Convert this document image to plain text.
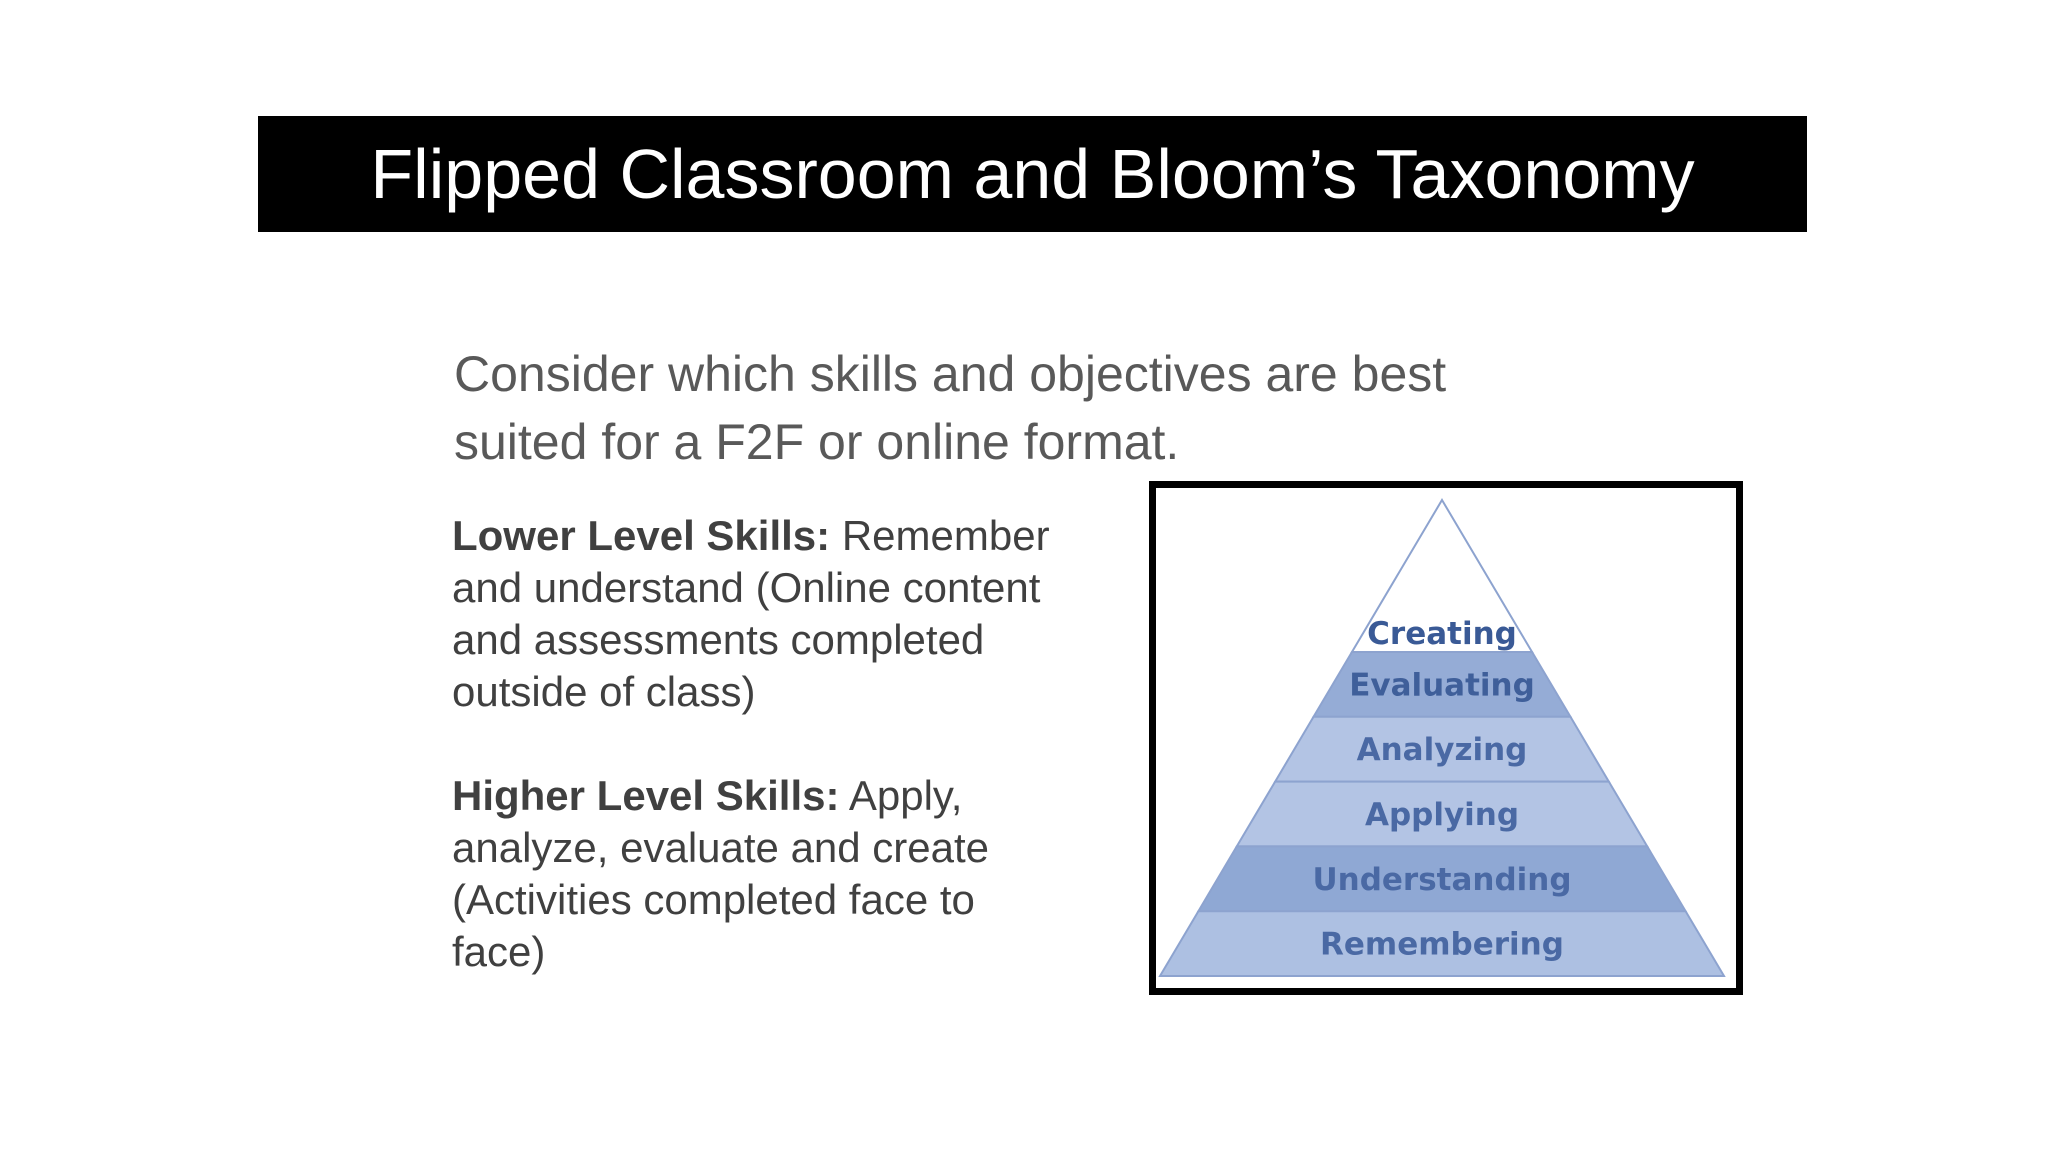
Flipped Classroom and Bloom’s Taxonomy

Consider which skills and objectives are best
suited for a F2F or online format.

Lower Level Skills: Remember
and understand (Online content
and assessments completed
outside of class)
Higher Level Skills: Apply,
analyze, evaluate and create
(Activities completed face to
face)
Creating
Evaluating
Analyzing
Applying
Understanding
Remembering
